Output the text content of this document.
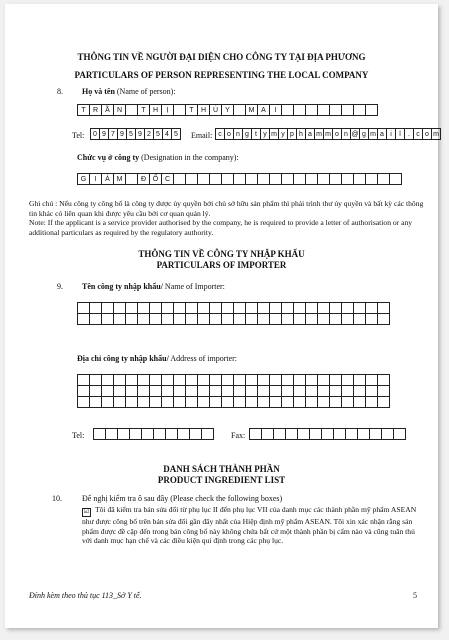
THÔNG TIN VỀ NGƯỜI ĐẠI DIỆN CHO CÔNG TY TẠI ĐỊA PHƯƠNG
PARTICULARS OF PERSON REPRESENTING THE LOCAL COMPANY
8. Họ và tên (Name of person):
T	R	Ầ	N	T	H	Ị	T	H Ú	Y	M A	I
Tel:	0 9 7 9 5 9 2 5 4 5	Email: c o n g t y m y p h a m m o n @ g m a i	l	. c o m
Chức vụ ở công ty (Designation in the company):
G	I	Á M	Đ Ố C
Ghi chú : Nếu công ty công bố là công ty được ủy quyền bởi chủ sở hữu sản phẩm thì phải trình thư ủy quyền và bất kỳ các thông tin khác có liên quan khi được yêu cầu bởi cơ quan quản lý.
Note: If the applicant is a service provider authorised by the company, he is required to provide a letter of authorisation or any additional particulars as required by the regulatory authority.
THÔNG TIN VỀ CÔNG TY NHẬP KHẨU
PARTICULARS OF IMPORTER
9. Tên công ty nhập khẩu/ Name of Importer:
Địa chỉ công ty nhập khẩu/ Address of importer:
Tel:	Fax:
DANH SÁCH THÀNH PHẦN
PRODUCT INGREDIENT LIST
10.	Để nghị kiểm tra ô sau đây (Please check the following boxes)
☑ Tôi đã kiểm tra bản sửa đổi từ phụ lục II đến phụ lục VII của danh mục các thành phần mỹ phẩm ASEAN như được công bố trên bản sửa đổi gần đây nhất của Hiệp định mỹ phẩm ASEAN. Tôi xin xác nhận rằng sản phẩm được đề cập đến trong bản công bố này không chứa bất cứ một thành phần bị cấm nào và cũng tuân thủ với danh mục hạn chế và các điều kiện qui định trong các phụ lục.
Đính kèm theo thủ tục 113_Sở Y tế.	5
